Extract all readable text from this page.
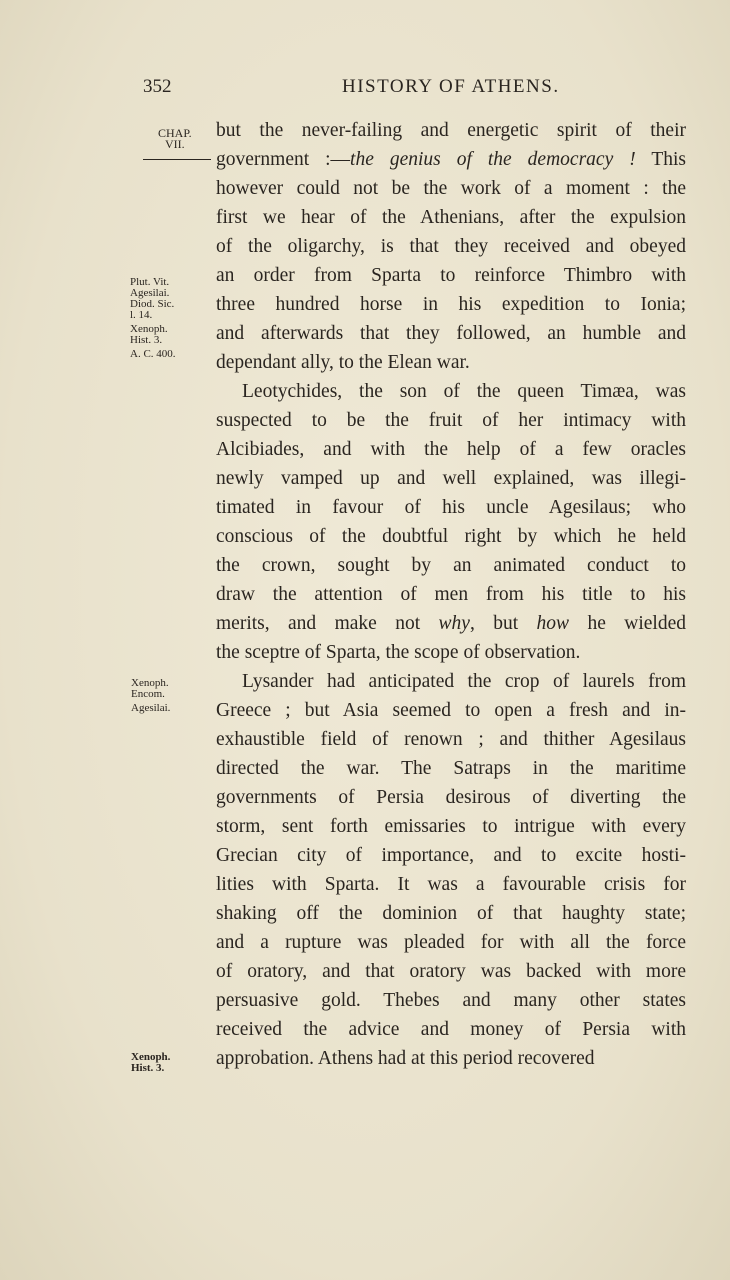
352	HISTORY OF ATHENS.
CHAP.
VII.
Plut. Vit.
Agesilai.
Diod. Sic.
l. 14.
Xenoph.
Hist. 3.
A. C. 400.
Xenoph.
Encom.
Agesilai.
Xenoph.
Hist. 3.
but the never-failing and energetic spirit of their
government :—the genius of the democracy ! This
however could not be the work of a moment : the
first we hear of the Athenians, after the expulsion
of the oligarchy, is that they received and obeyed
an order from Sparta to reinforce Thimbro with
three hundred horse in his expedition to Ionia;
and afterwards that they followed, an humble and
dependant ally, to the Elean war.
Leotychides, the son of the queen Timæa, was
suspected to be the fruit of her intimacy with
Alcibiades, and with the help of a few oracles
newly vamped up and well explained, was illegi-
timated in favour of his uncle Agesilaus; who
conscious of the doubtful right by which he held
the crown, sought by an animated conduct to
draw the attention of men from his title to his
merits, and make not why, but how he wielded
the sceptre of Sparta, the scope of observation.
Lysander had anticipated the crop of laurels from
Greece ; but Asia seemed to open a fresh and in-
exhaustible field of renown ; and thither Agesilaus
directed the war. The Satraps in the maritime
governments of Persia desirous of diverting the
storm, sent forth emissaries to intrigue with every
Grecian city of importance, and to excite hosti-
lities with Sparta. It was a favourable crisis for
shaking off the dominion of that haughty state;
and a rupture was pleaded for with all the force
of oratory, and that oratory was backed with more
persuasive gold. Thebes and many other states
received the advice and money of Persia with
approbation. Athens had at this period recovered
